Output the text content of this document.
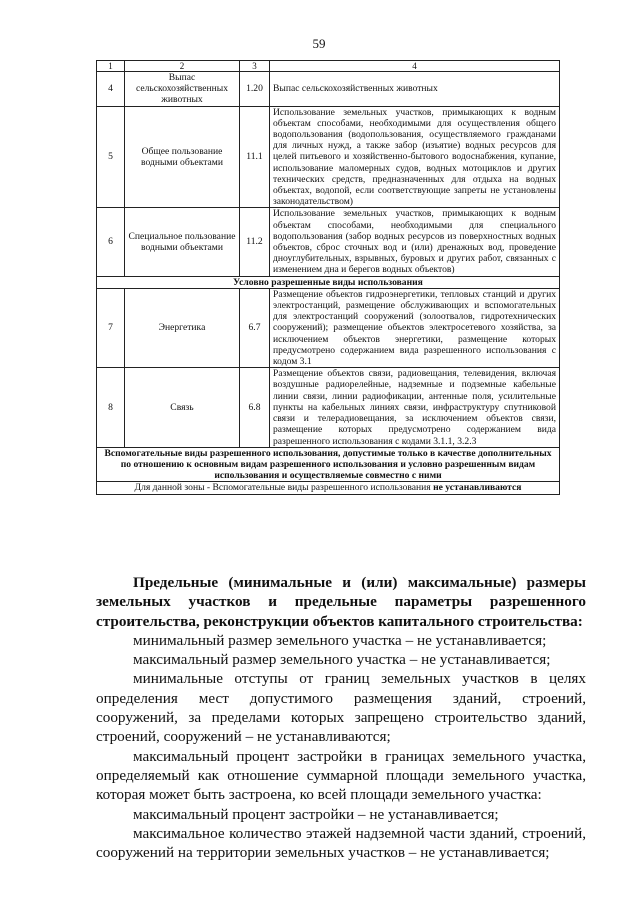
59
1	2	3	4
4	Выпас сельскохозяйственных животных	1.20	Выпас сельскохозяйственных животных
5	Общее пользование водными объектами	11.1	Использование земельных участков, примыкающих к водным объектам способами, необходимыми для осуществления общего водопользования (водопользования, осуществляемого гражданами для личных нужд, а также забор (изъятие) водных ресурсов для целей питьевого и хозяйственно-бытового водоснабжения, купание, использование маломерных судов, водных мотоциклов и других технических средств, предназначенных для отдыха на водных объектах, водопой, если соответствующие запреты не установлены законодательством)
6	Специальное пользование водными объектами	11.2	Использование земельных участков, примыкающих к водным объектам способами, необходимыми для специального водопользования (забор водных ресурсов из поверхностных водных объектов, сброс сточных вод и (или) дренажных вод, проведение дноуглубительных, взрывных, буровых и других работ, связанных с изменением дна и берегов водных объектов)
Условно разрешенные виды использования			
7	Энергетика	6.7	Размещение объектов гидроэнергетики, тепловых станций и других электростанций, размещение обслуживающих и вспомогательных для электростанций сооружений (золоотвалов, гидротехнических сооружений); размещение объектов электросетевого хозяйства, за исключением объектов энергетики, размещение которых предусмотрено содержанием вида разрешенного использования с кодом 3.1
8	Связь	6.8	Размещение объектов связи, радиовещания, телевидения, включая воздушные радиорелейные, надземные и подземные кабельные линии связи, линии радиофикации, антенные поля, усилительные пункты на кабельных линиях связи, инфраструктуру спутниковой связи и телерадиовещания, за исключением объектов связи, размещение которых предусмотрено содержанием вида разрешенного использования с кодами 3.1.1, 3.2.3
Вспомогательные виды разрешенного использования, допустимые только в качестве дополнительных по отношению к основным видам разрешенного использования и условно разрешенным видам использования и осуществляемые совместно с ними			
Для данной зоны - Вспомогательные виды разрешенного использования не устанавливаются			

Предельные (минимальные и (или) максимальные) размеры земельных участков и предельные параметры разрешенного строительства, реконструкции объектов капитального строительства:

минимальный размер земельного участка – не устанавливается;

максимальный размер земельного участка – не устанавливается;

минимальные отступы от границ земельных участков в целях определения мест допустимого размещения зданий, строений, сооружений, за пределами которых запрещено строительство зданий, строений, сооружений – не устанавливаются;

максимальный процент застройки в границах земельного участка, определяемый как отношение суммарной площади земельного участка, которая может быть застроена, ко всей площади земельного участка:

максимальный процент застройки – не устанавливается;

максимальное количество этажей надземной части зданий, строений, сооружений на территории земельных участков – не устанавливается;
